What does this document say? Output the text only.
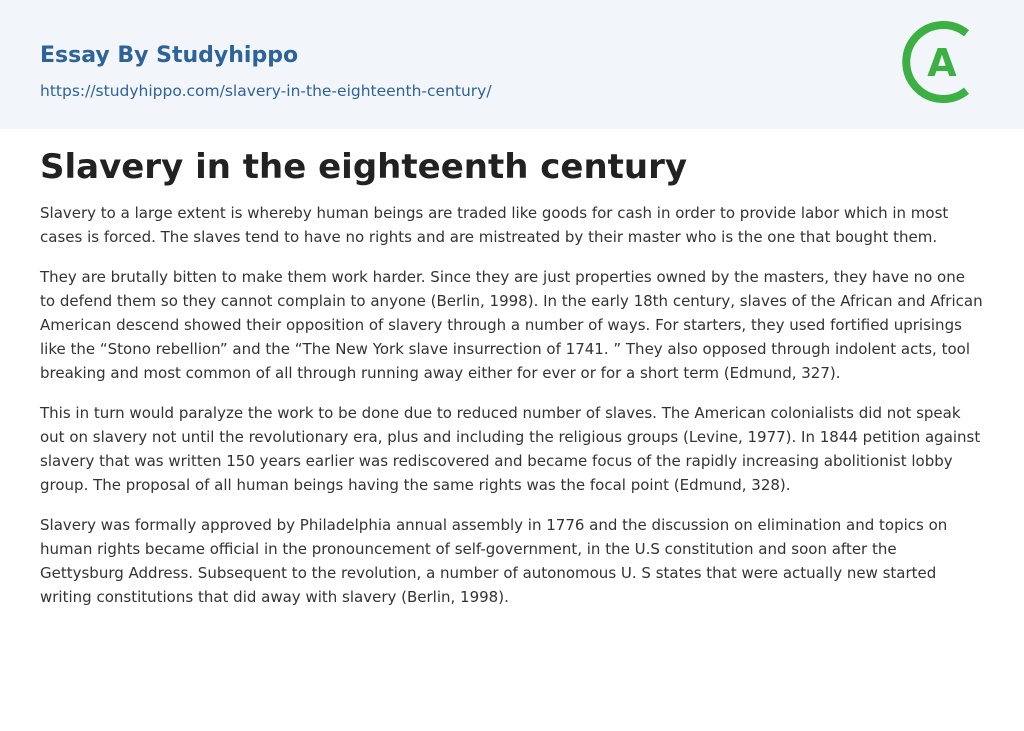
Essay By Studyhippo
https://studyhippo.com/slavery-in-the-eighteenth-century/
A
Slavery in the eighteenth century

Slavery to a large extent is whereby human beings are traded like goods for cash in order to provide labor which in most cases is forced. The slaves tend to have no rights and are mistreated by their master who is the one that bought them.

They are brutally bitten to make them work harder. Since they are just properties owned by the masters, they have no one to defend them so they cannot complain to anyone (Berlin, 1998). In the early 18th century, slaves of the African and African American descend showed their opposition of slavery through a number of ways. For starters, they used fortified uprisings like the “Stono rebellion” and the “The New York slave insurrection of 1741. ” They also opposed through indolent acts, tool breaking and most common of all through running away either for ever or for a short term (Edmund, 327).

This in turn would paralyze the work to be done due to reduced number of slaves. The American colonialists did not speak out on slavery not until the revolutionary era, plus and including the religious groups (Levine, 1977). In 1844 petition against slavery that was written 150 years earlier was rediscovered and became focus of the rapidly increasing abolitionist lobby group. The proposal of all human beings having the same rights was the focal point (Edmund, 328).

Slavery was formally approved by Philadelphia annual assembly in 1776 and the discussion on elimination and topics on human rights became official in the pronouncement of self-government, in the U.S constitution and soon after the Gettysburg Address. Subsequent to the revolution, a number of autonomous U. S states that were actually new started writing constitutions that did away with slavery (Berlin, 1998).
